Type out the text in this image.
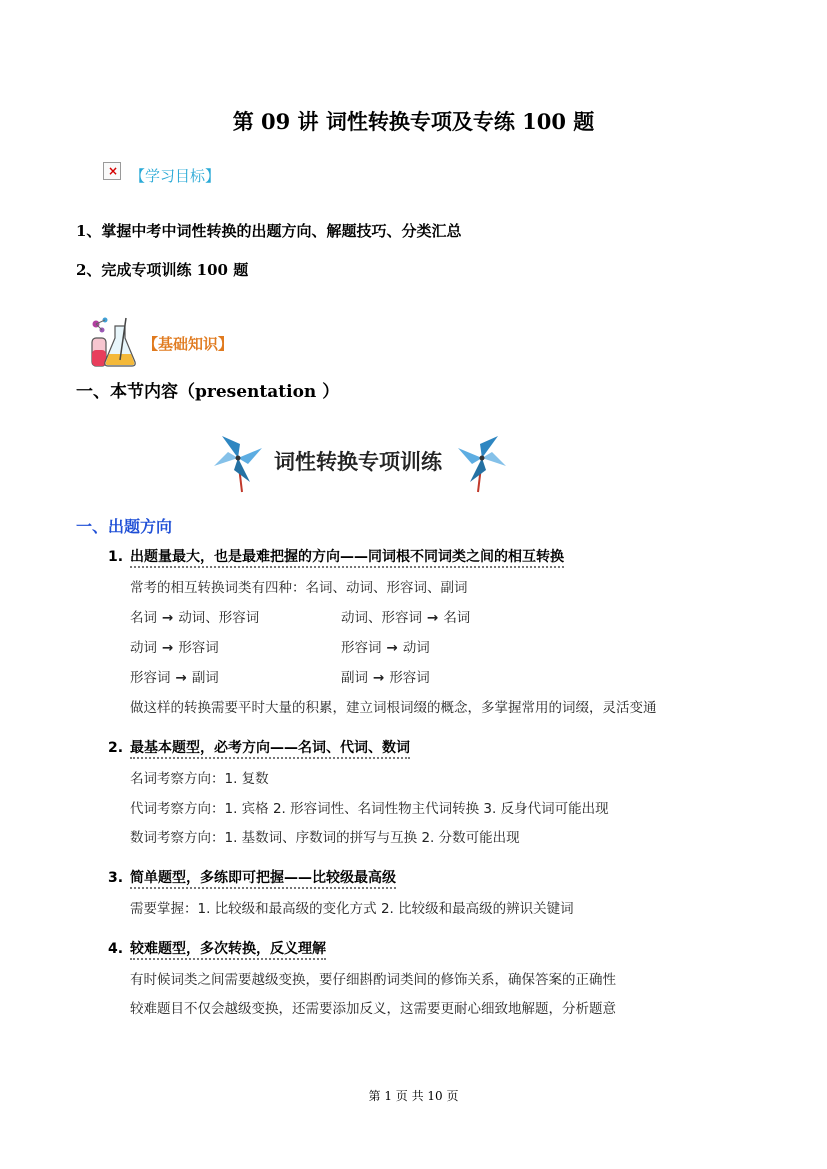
第 09 讲 词性转换专项及专练 100 题
× 【学习目标】
1、掌握中考中词性转换的出题方向、解题技巧、分类汇总
2、完成专项训练 100 题
【基础知识】
一、本节内容（presentation ）
词性转换专项训练
一、出题方向
1. 出题量最大，也是最难把握的方向——同词根不同词类之间的相互转换
常考的相互转换词类有四种：名词、动词、形容词、副词
名词 → 动词、形容词	动词、形容词 → 名词
动词 → 形容词	形容词 → 动词
形容词 → 副词	副词 → 形容词
做这样的转换需要平时大量的积累，建立词根词缀的概念，多掌握常用的词缀，灵活变通
2. 最基本题型，必考方向——名词、代词、数词
名词考察方向：1. 复数
代词考察方向：1. 宾格 2. 形容词性、名词性物主代词转换 3. 反身代词可能出现
数词考察方向：1. 基数词、序数词的拼写与互换 2. 分数可能出现
3. 简单题型，多练即可把握——比较级最高级
需要掌握：1. 比较级和最高级的变化方式 2. 比较级和最高级的辨识关键词
4. 较难题型，多次转换，反义理解
有时候词类之间需要越级变换，要仔细斟酌词类间的修饰关系，确保答案的正确性
较难题目不仅会越级变换，还需要添加反义，这需要更耐心细致地解题，分析题意
第 1 页 共 10 页
